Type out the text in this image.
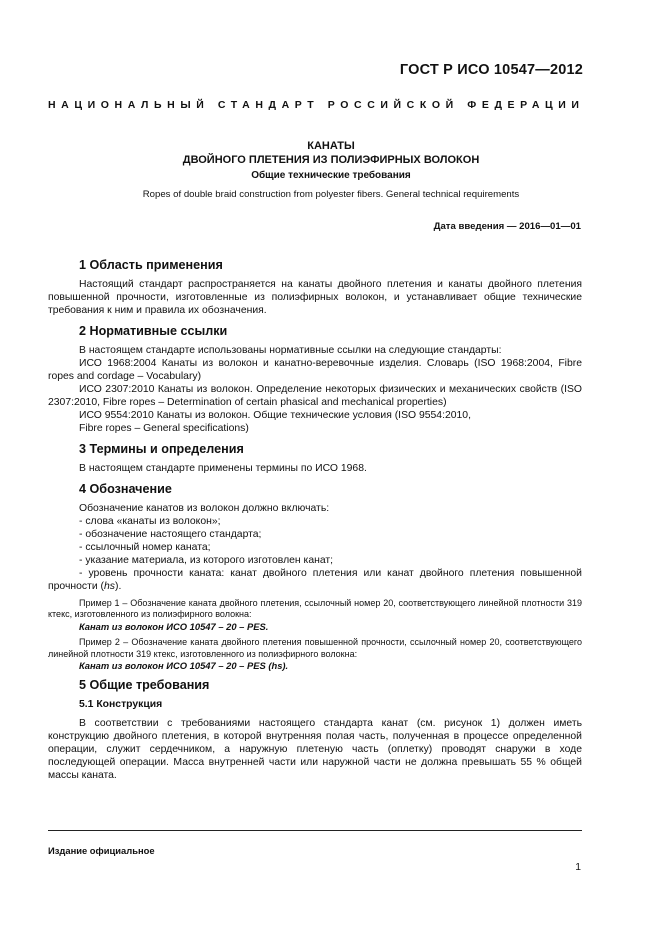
ГОСТ Р ИСО 10547—2012
НАЦИОНАЛЬНЫЙ СТАНДАРТ РОССИЙСКОЙ ФЕДЕРАЦИИ
КАНАТЫ
ДВОЙНОГО ПЛЕТЕНИЯ ИЗ ПОЛИЭФИРНЫХ ВОЛОКОН
Общие технические требования
Ropes of double braid construction from polyester fibers. General technical requirements
Дата введения — 2016—01—01
1 Область применения

Настоящий стандарт распространяется на канаты двойного плетения и канаты двойного плетения повышенной прочности, изготовленные из полиэфирных волокон, и устанавливает общие технические требования к ним и правила их обозначения.

2 Нормативные ссылки

В настоящем стандарте использованы нормативные ссылки на следующие стандарты:

ИСО 1968:2004 Канаты из волокон и канатно-веревочные изделия. Словарь (ISO 1968:2004, Fibre ropes and cordage – Vocabulary)

ИСО 2307:2010 Канаты из волокон. Определение некоторых физических и механических свойств (ISO 2307:2010, Fibre ropes – Determination of certain phasical and mechanical properties)

ИСО 9554:2010 Канаты из волокон. Общие технические условия (ISO 9554:2010,

Fibre ropes – General specifications)

3 Термины и определения

В настоящем стандарте применены термины по ИСО 1968.

4 Обозначение

Обозначение канатов из волокон должно включать:

- слова «канаты из волокон»;

- обозначение настоящего стандарта;

- ссылочный номер каната;

- указание материала, из которого изготовлен канат;

- уровень прочности каната: канат двойного плетения или канат двойного плетения повышенной прочности (hs).

Пример 1 – Обозначение каната двойного плетения, ссылочный номер 20, соответствующего линейной плотности 319 ктекс, изготовленного из полиэфирного волокна:

Канат из волокон ИСО 10547 – 20 – PES.

Пример 2 – Обозначение каната двойного плетения повышенной прочности, ссылочный номер 20, соответствующего линейной плотности 319 ктекс, изготовленного из полиэфирного волокна:

Канат из волокон ИСО 10547 – 20 – PES (hs).

5 Общие требования
5.1 Конструкция

В соответствии с требованиями настоящего стандарта канат (см. рисунок 1) должен иметь конструкцию двойного плетения, в которой внутренняя полая часть, полученная в процессе определенной операции, служит сердечником, а наружную плетеную часть (оплетку) проводят снаружи в ходе последующей операции. Масса внутренней части или наружной части не должна превышать 55 % общей массы каната.

Издание официальное
1
